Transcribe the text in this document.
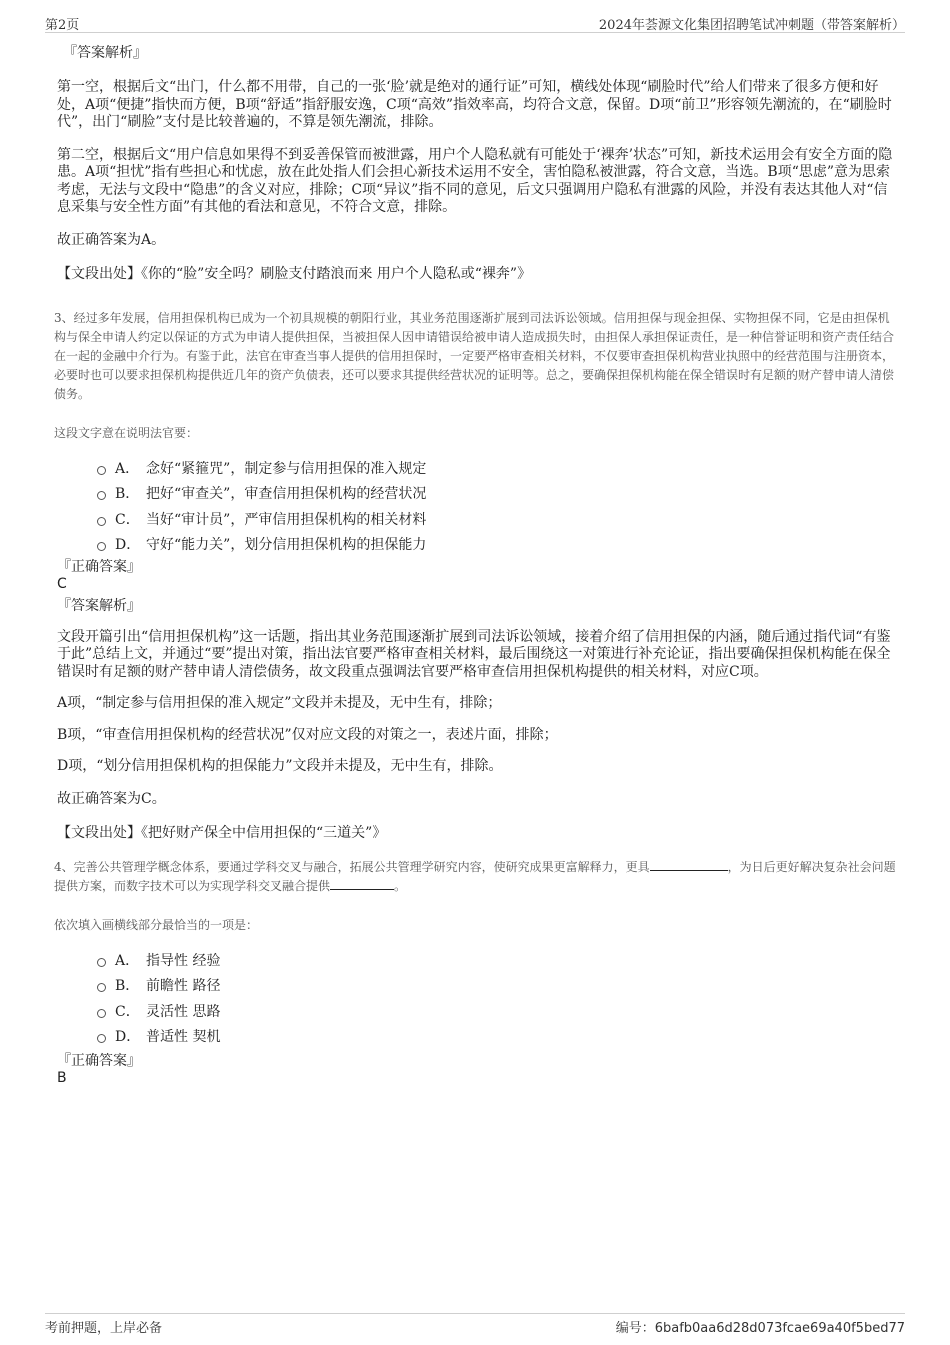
第2页	2024年荟源文化集团招聘笔试冲刺题（带答案解析）
『答案解析』
第一空，根据后文“出门，什么都不用带，自己的一张‘脸’就是绝对的通行证”可知，横线处体现“刷脸时代”给人们带来了很多方便和好处，A项“便捷”指快而方便，B项“舒适”指舒服安逸，C项“高效”指效率高，均符合文意，保留。D项“前卫”形容领先潮流的，在“刷脸时代”，出门“刷脸”支付是比较普遍的，不算是领先潮流，排除。
第二空，根据后文“用户信息如果得不到妥善保管而被泄露，用户个人隐私就有可能处于‘裸奔’状态”可知，新技术运用会有安全方面的隐患。A项“担忧”指有些担心和忧虑，放在此处指人们会担心新技术运用不安全，害怕隐私被泄露，符合文意，当选。B项“思虑”意为思索考虑，无法与文段中“隐患”的含义对应，排除；C项“异议”指不同的意见，后文只强调用户隐私有泄露的风险，并没有表达其他人对“信息采集与安全性方面”有其他的看法和意见，不符合文意，排除。
故正确答案为A。
【文段出处】《你的“脸”安全吗？刷脸支付踏浪而来 用户个人隐私或“裸奔”》
3、经过多年发展，信用担保机构已成为一个初具规模的朝阳行业，其业务范围逐渐扩展到司法诉讼领域。信用担保与现金担保、实物担保不同，它是由担保机构与保全申请人约定以保证的方式为申请人提供担保，当被担保人因申请错误给被申请人造成损失时，由担保人承担保证责任，是一种信誉证明和资产责任结合在一起的金融中介行为。有鉴于此，法官在审查当事人提供的信用担保时，一定要严格审查相关材料，不仅要审查担保机构营业执照中的经营范围与注册资本，必要时也可以要求担保机构提供近几年的资产负债表，还可以要求其提供经营状况的证明等。总之，要确保担保机构能在保全错误时有足额的财产替申请人清偿债务。
这段文字意在说明法官要：
A． 念好“紧箍咒”，制定参与信用担保的准入规定
B． 把好“审查关”，审查信用担保机构的经营状况
C． 当好“审计员”，严审信用担保机构的相关材料
D． 守好“能力关”，划分信用担保机构的担保能力
『正确答案』
C
『答案解析』
文段开篇引出“信用担保机构”这一话题，指出其业务范围逐渐扩展到司法诉讼领域，接着介绍了信用担保的内涵，随后通过指代词“有鉴于此”总结上文，并通过“要”提出对策，指出法官要严格审查相关材料，最后围绕这一对策进行补充论证，指出要确保担保机构能在保全错误时有足额的财产替申请人清偿债务，故文段重点强调法官要严格审查信用担保机构提供的相关材料，对应C项。
A项，“制定参与信用担保的准入规定”文段并未提及，无中生有，排除；
B项，“审查信用担保机构的经营状况”仅对应文段的对策之一，表述片面，排除；
D项，“划分信用担保机构的担保能力”文段并未提及，无中生有，排除。
故正确答案为C。
【文段出处】《把好财产保全中信用担保的“三道关”》
4、完善公共管理学概念体系，要通过学科交叉与融合，拓展公共管理学研究内容，使研究成果更富解释力，更具	，为日后更好解决复杂社会问题提供方案，而数字技术可以为实现学科交叉融合提供	。
依次填入画横线部分最恰当的一项是：
A． 指导性 经验
B． 前瞻性 路径
C． 灵活性 思路
D． 普适性 契机
『正确答案』
B
考前押题，上岸必备	编号：6bafb0aa6d28d073fcae69a40f5bed77
